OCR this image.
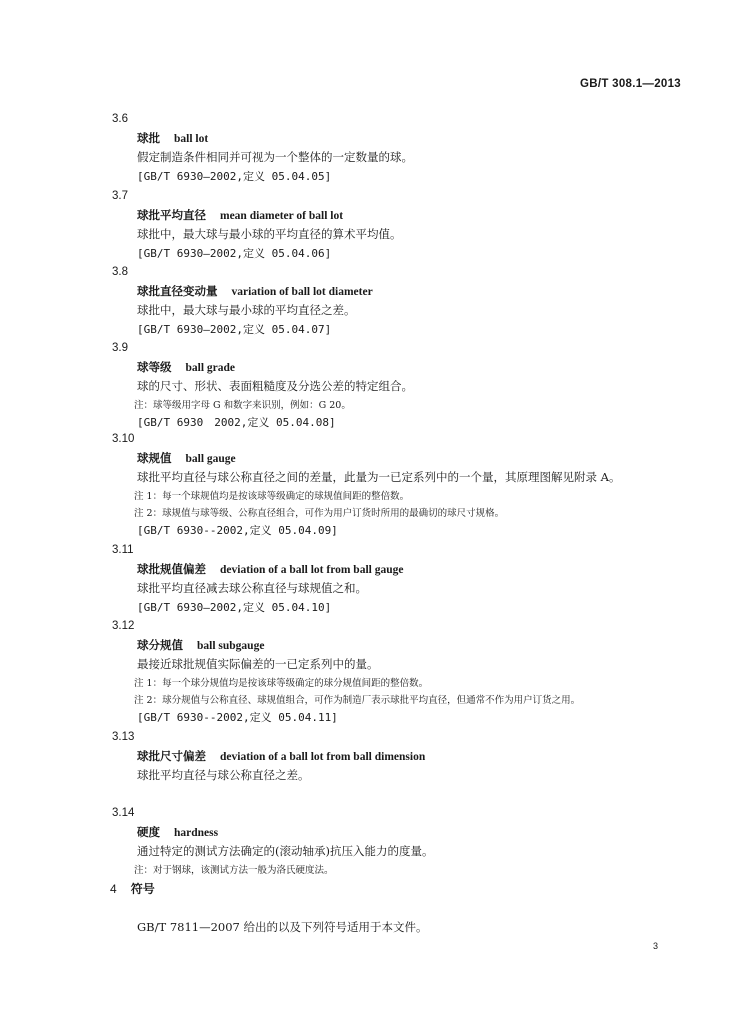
GB/T 308.1—2013
3.6
球批 ball lot
假定制造条件相同并可视为一个整体的一定数量的球。
[GB/T 6930—2002,定义 05.04.05]
3.7
球批平均直径 mean diameter of ball lot
球批中，最大球与最小球的平均直径的算术平均值。
[GB/T 6930—2002,定义 05.04.06]
3.8
球批直径变动量 variation of ball lot diameter
球批中，最大球与最小球的平均直径之差。
[GB/T 6930—2002,定义 05.04.07]
3.9
球等级 ball grade
球的尺寸、形状、表面粗糙度及分选公差的特定组合。
注：球等级用字母 G 和数字来识别，例如：G 20。
[GB/T 6930　2002,定义 05.04.08]
3.10
球规值 ball gauge
球批平均直径与球公称直径之间的差量，此量为一已定系列中的一个量，其原理图解见附录 A。
注 1：每一个球规值均是按该球等级确定的球规值间距的整倍数。
注 2：球规值与球等级、公称直径组合，可作为用户订货时所用的最确切的球尺寸规格。
[GB/T 6930--2002,定义 05.04.09]
3.11
球批规值偏差 deviation of a ball lot from ball gauge
球批平均直径减去球公称直径与球规值之和。
[GB/T 6930—2002,定义 05.04.10]
3.12
球分规值 ball subgauge
最接近球批规值实际偏差的一已定系列中的量。
注 1：每一个球分规值均是按该球等级确定的球分规值间距的整倍数。
注 2：球分规值与公称直径、球规值组合，可作为制造厂表示球批平均直径，但通常不作为用户订货之用。
[GB/T 6930--2002,定义 05.04.11]
3.13
球批尺寸偏差 deviation of a ball lot from ball dimension
球批平均直径与球公称直径之差。
3.14
硬度 hardness
通过特定的测试方法确定的(滚动轴承)抗压入能力的度量。
注：对于钢球，该测试方法一般为洛氏硬度法。
4 符号
GB/T 7811—2007 给出的以及下列符号适用于本文件。
3
